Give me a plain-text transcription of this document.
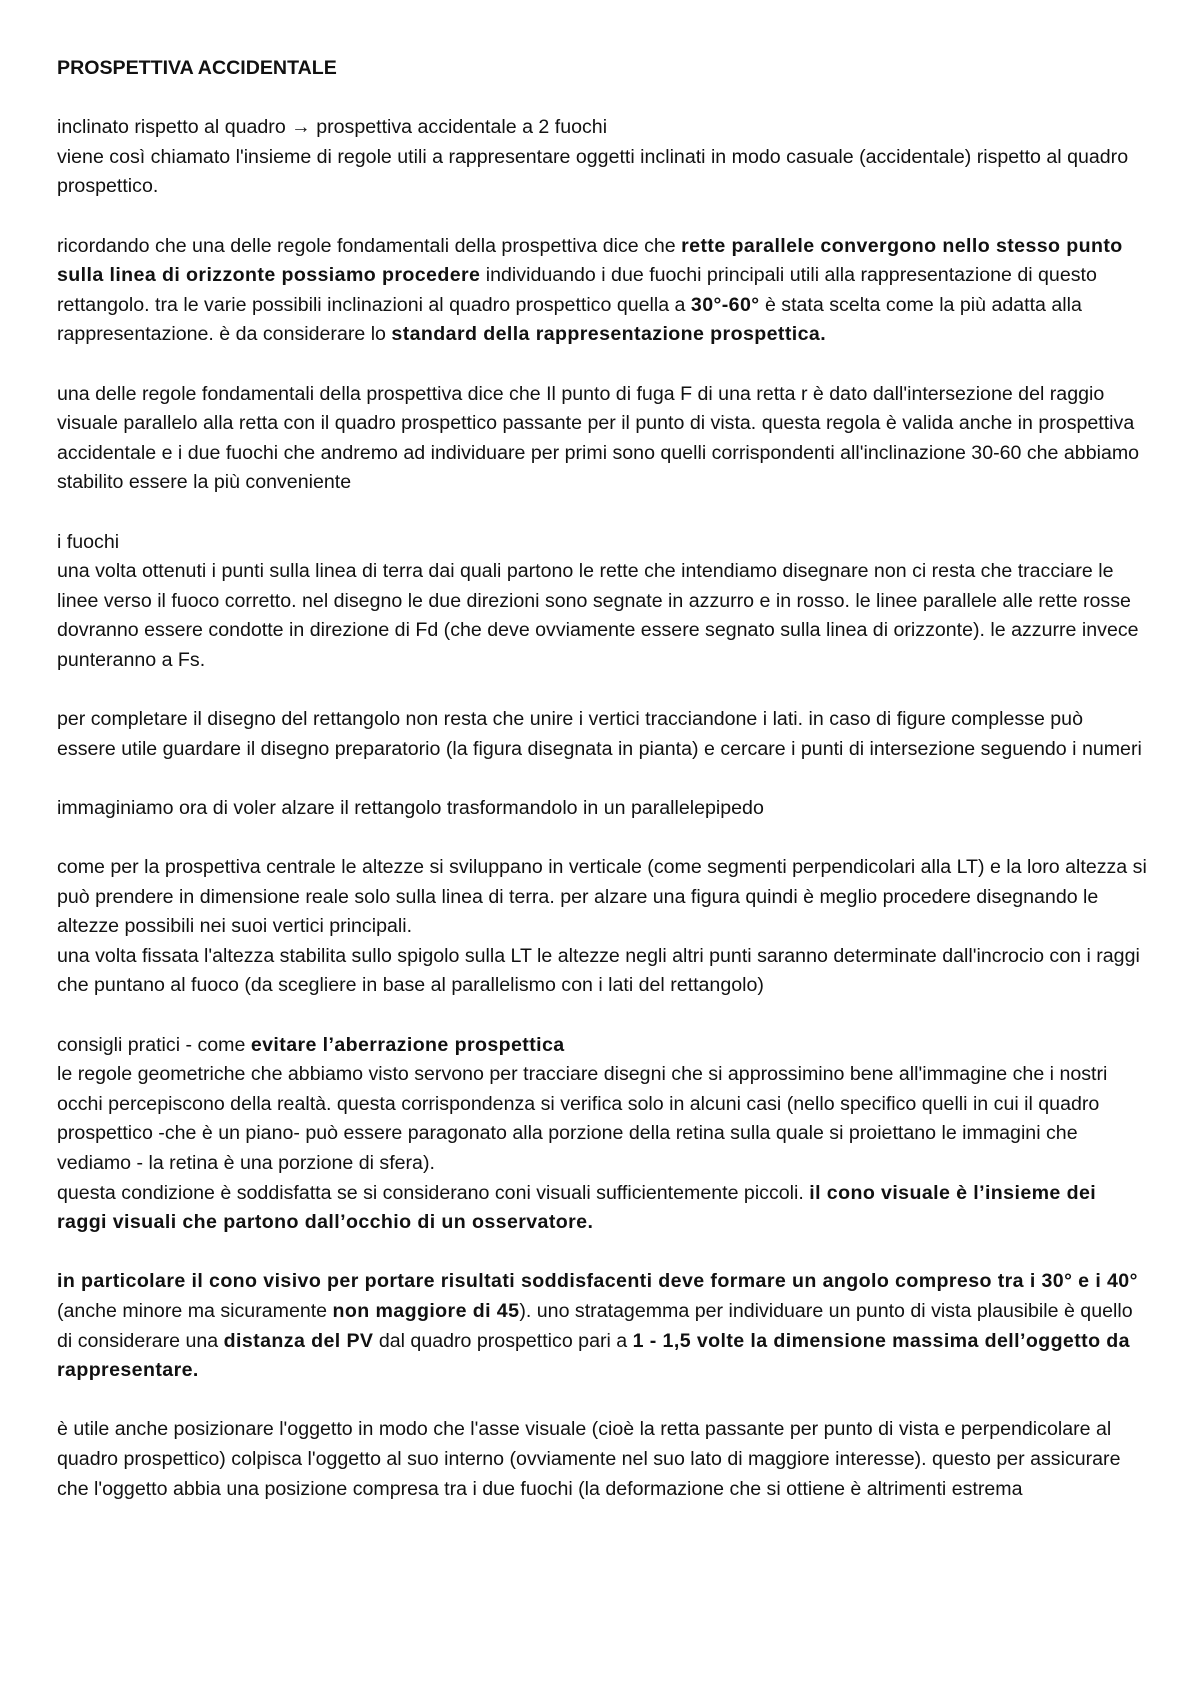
PROSPETTIVA ACCIDENTALE

inclinato rispetto al quadro → prospettiva accidentale a 2 fuochi
viene così chiamato l'insieme di regole utili a rappresentare oggetti inclinati in modo casuale (accidentale) rispetto al quadro prospettico.

ricordando che una delle regole fondamentali della prospettiva dice che rette parallele convergono nello stesso punto sulla linea di orizzonte possiamo procedere individuando i due fuochi principali utili alla rappresentazione di questo rettangolo. tra le varie possibili inclinazioni al quadro prospettico quella a 30°-60° è stata scelta come la più adatta alla rappresentazione. è da considerare lo standard della rappresentazione prospettica.

una delle regole fondamentali della prospettiva dice che Il punto di fuga F di una retta r è dato dall'intersezione del raggio visuale parallelo alla retta con il quadro prospettico passante per il punto di vista. questa regola è valida anche in prospettiva accidentale e i due fuochi che andremo ad individuare per primi sono quelli corrispondenti all'inclinazione 30-60 che abbiamo stabilito essere la più conveniente

i fuochi
una volta ottenuti i punti sulla linea di terra dai quali partono le rette che intendiamo disegnare non ci resta che tracciare le linee verso il fuoco corretto. nel disegno le due direzioni sono segnate in azzurro e in rosso. le linee parallele alle rette rosse dovranno essere condotte in direzione di Fd (che deve ovviamente essere segnato sulla linea di orizzonte). le azzurre invece punteranno a Fs.

per completare il disegno del rettangolo non resta che unire i vertici tracciandone i lati. in caso di figure complesse può essere utile guardare il disegno preparatorio (la figura disegnata in pianta) e cercare i punti di intersezione seguendo i numeri

immaginiamo ora di voler alzare il rettangolo trasformandolo in un parallelepipedo

come per la prospettiva centrale le altezze si sviluppano in verticale (come segmenti perpendicolari alla LT) e la loro altezza si può prendere in dimensione reale solo sulla linea di terra. per alzare una figura quindi è meglio procedere disegnando le altezze possibili nei suoi vertici principali.
una volta fissata l'altezza stabilita sullo spigolo sulla LT le altezze negli altri punti saranno determinate dall'incrocio con i raggi che puntano al fuoco (da scegliere in base al parallelismo con i lati del rettangolo)

consigli pratici - come evitare l’aberrazione prospettica
le regole geometriche che abbiamo visto servono per tracciare disegni che si approssimino bene all'immagine che i nostri occhi percepiscono della realtà. questa corrispondenza si verifica solo in alcuni casi (nello specifico quelli in cui il quadro prospettico -che è un piano- può essere paragonato alla porzione della retina sulla quale si proiettano le immagini che vediamo - la retina è una porzione di sfera).
questa condizione è soddisfatta se si considerano coni visuali sufficientemente piccoli. il cono visuale è l’insieme dei raggi visuali che partono dall’occhio di un osservatore.

in particolare il cono visivo per portare risultati soddisfacenti deve formare un angolo compreso tra i 30° e i 40° (anche minore ma sicuramente non maggiore di 45). uno stratagemma per individuare un punto di vista plausibile è quello di considerare una distanza del PV dal quadro prospettico pari a 1 - 1,5 volte la dimensione massima dell’oggetto da rappresentare.

è utile anche posizionare l'oggetto in modo che l'asse visuale (cioè la retta passante per punto di vista e perpendicolare al quadro prospettico) colpisca l'oggetto al suo interno (ovviamente nel suo lato di maggiore interesse). questo per assicurare che l'oggetto abbia una posizione compresa tra i due fuochi (la deformazione che si ottiene è altrimenti estrema
